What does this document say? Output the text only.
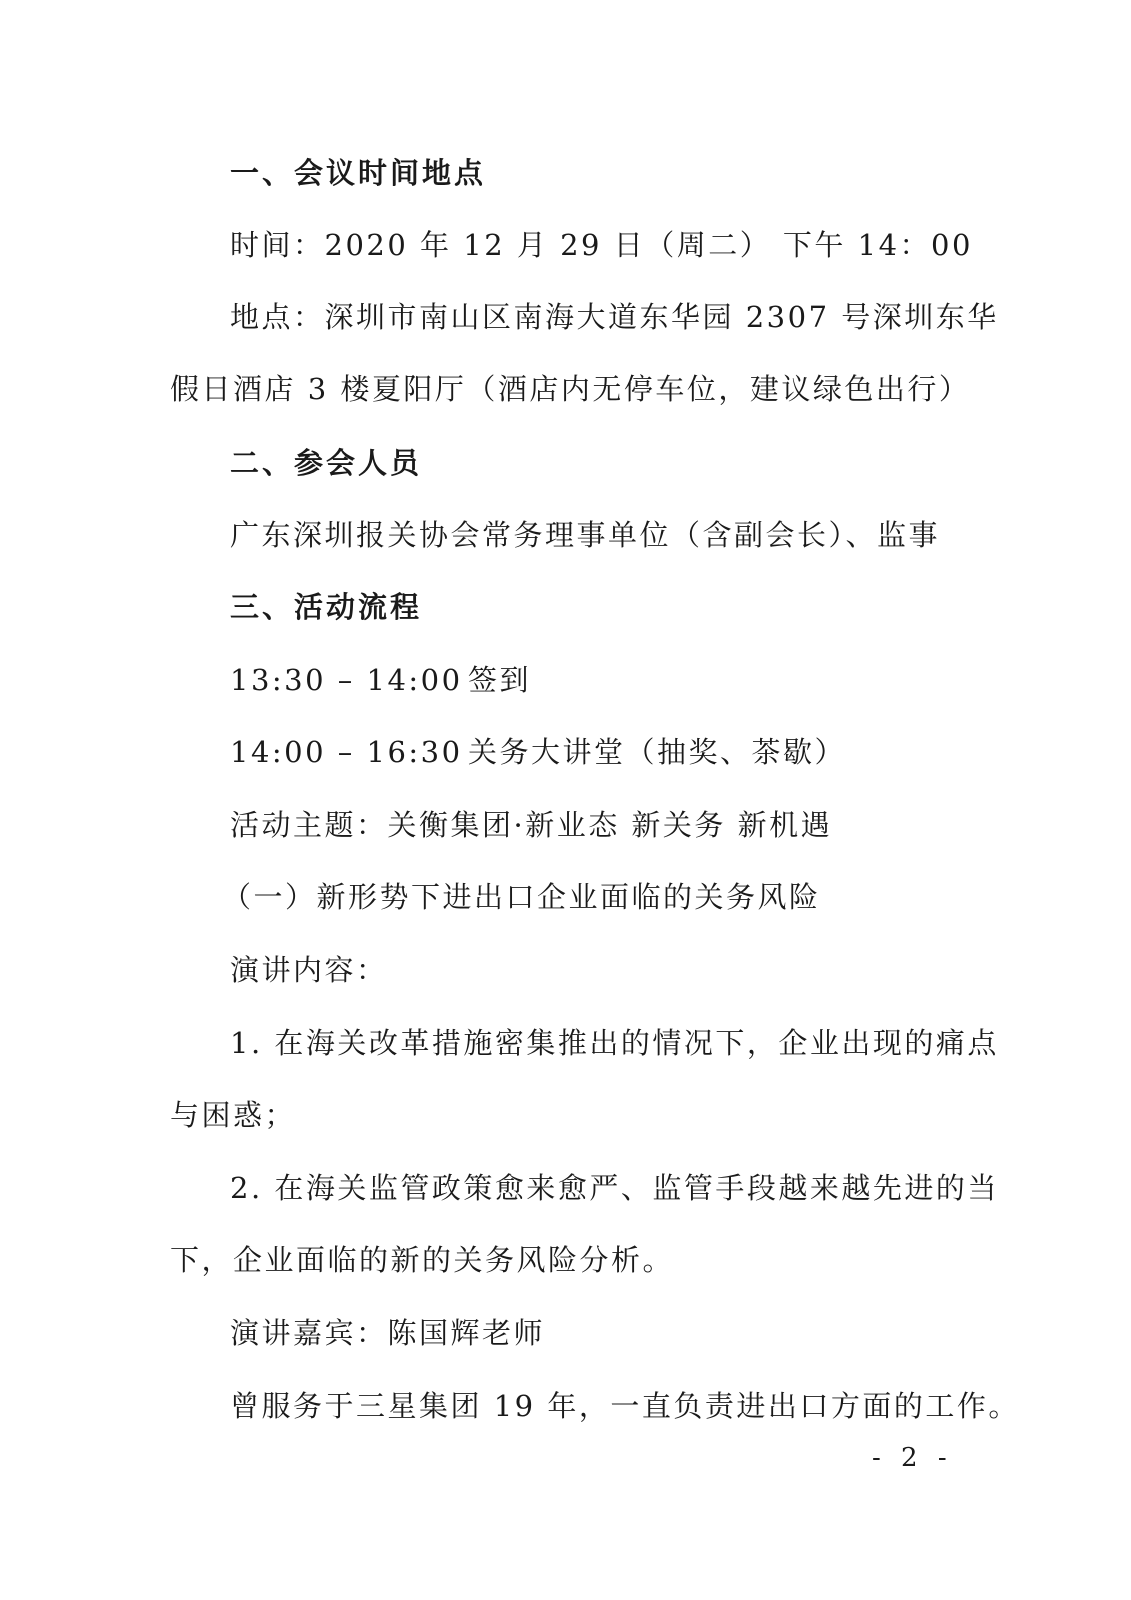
一、会议时间地点
时间：2020 年 12 月 29 日（周二） 下午 14：00
地点：深圳市南山区南海大道东华园 2307 号深圳东华
假日酒店 3 楼夏阳厅（酒店内无停车位，建议绿色出行）
二、参会人员
广东深圳报关协会常务理事单位（含副会长）、监事
三、活动流程
13:30 – 14:00 签到
14:00 – 16:30 关务大讲堂（抽奖、茶歇）
活动主题：关衡集团·新业态 新关务 新机遇
（一）新形势下进出口企业面临的关务风险
演讲内容：
1. 在海关改革措施密集推出的情况下，企业出现的痛点
与困惑；
2. 在海关监管政策愈来愈严、监管手段越来越先进的当
下，企业面临的新的关务风险分析。
演讲嘉宾：陈国辉老师
曾服务于三星集团 19 年，一直负责进出口方面的工作。
- 2 -
